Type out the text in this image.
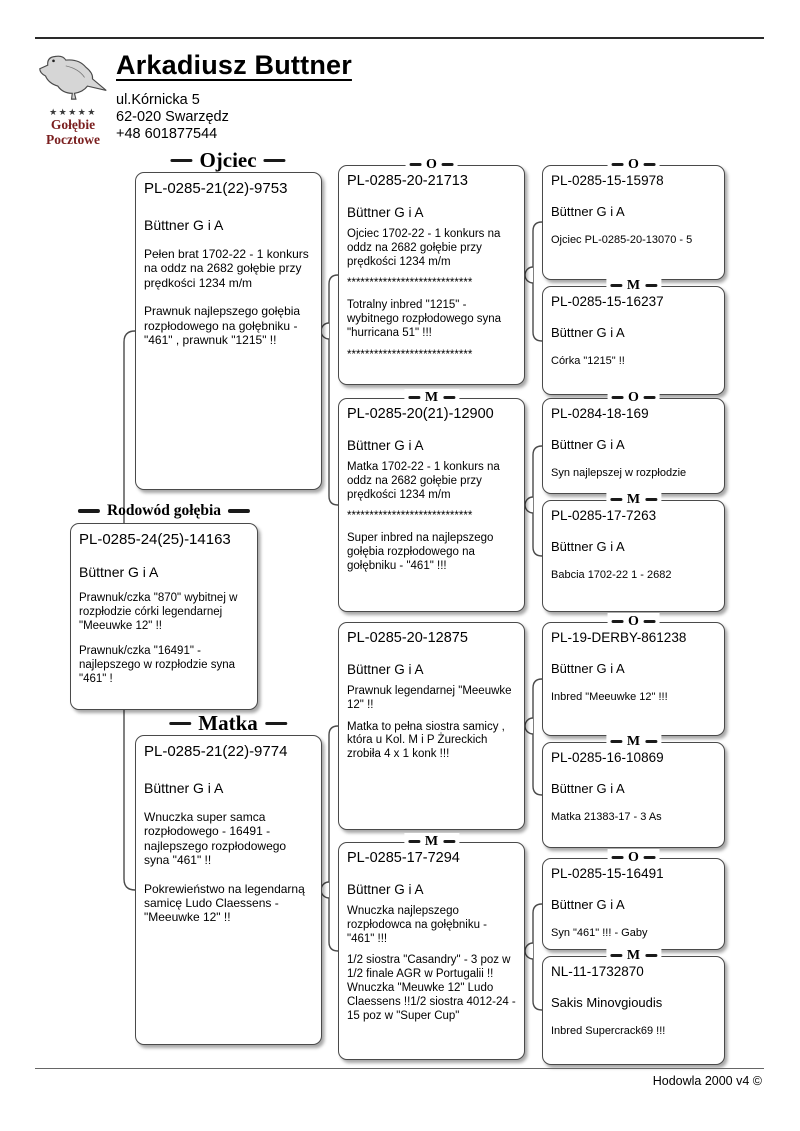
★★★★★
Gołębie
Pocztowe
Arkadiusz Buttner
ul.Kórnicka 5
62-020 Swarzędz
+48 601877544
Ojciec
Rodowód gołębia
Matka
PL-0285-24(25)-14163
Büttner G i A
Prawnuk/czka "870" wybitnej w rozpłodzie córki legendarnej "Meeuwke 12" !!
Prawnuk/czka "16491" - najlepszego w rozpłodzie syna "461" !
PL-0285-21(22)-9753
Büttner G i A
Pełen brat 1702-22 - 1 konkurs na oddz na 2682 gołębie przy prędkości 1234 m/m
Prawnuk najlepszego gołębia rozpłodowego na gołębniku - "461" , prawnuk "1215" !!
PL-0285-21(22)-9774
Büttner G i A
Wnuczka super samca rozpłodowego - 16491 - najlepszego rozpłodowego syna "461" !!
Pokrewieństwo na legendarną samicę Ludo Claessens - "Meeuwke 12" !!
O
PL-0285-20-21713
Büttner G i A
Ojciec 1702-22 - 1 konkurs na oddz na 2682 gołębie przy prędkości 1234 m/m
****************************
Totralny inbred "1215" - wybitnego rozpłodowego syna "hurricana 51" !!!
****************************
M
PL-0285-20(21)-12900
Büttner G i A
Matka 1702-22 - 1 konkurs na oddz na 2682 gołębie przy prędkości 1234 m/m
****************************
Super inbred na najlepszego gołębia rozpłodowego na gołębniku - "461" !!!
PL-0285-20-12875
Büttner G i A
Prawnuk legendarnej "Meeuwke 12" !!
Matka to pełna siostra samicy , która u Kol. M i P Żureckich zrobiła 4 x 1 konk !!!
M
PL-0285-17-7294
Büttner G i A
Wnuczka najlepszego rozpłodowca na gołębniku - "461" !!!
1/2 siostra "Casandry" - 3 poz w 1/2 finale AGR w Portugalii !! Wnuczka "Meuwke 12" Ludo Claessens !!1/2 siostra 4012-24 - 15 poz w "Super Cup"
O
PL-0285-15-15978
Büttner G i A
Ojciec PL-0285-20-13070 - 5
M
PL-0285-15-16237
Büttner G i A
Córka "1215" !!
O
PL-0284-18-169
Büttner G i A
Syn najlepszej w rozpłodzie
M
PL-0285-17-7263
Büttner G i A
Babcia 1702-22 1 - 2682
O
PL-19-DERBY-861238
Büttner G i A
Inbred "Meeuwke 12" !!!
M
PL-0285-16-10869
Büttner G i A
Matka 21383-17 - 3 As
O
PL-0285-15-16491
Büttner G i A
Syn "461" !!! - Gaby
M
NL-11-1732870
Sakis Minovgioudis
Inbred Supercrack69 !!!
Hodowla 2000 v4 ©
